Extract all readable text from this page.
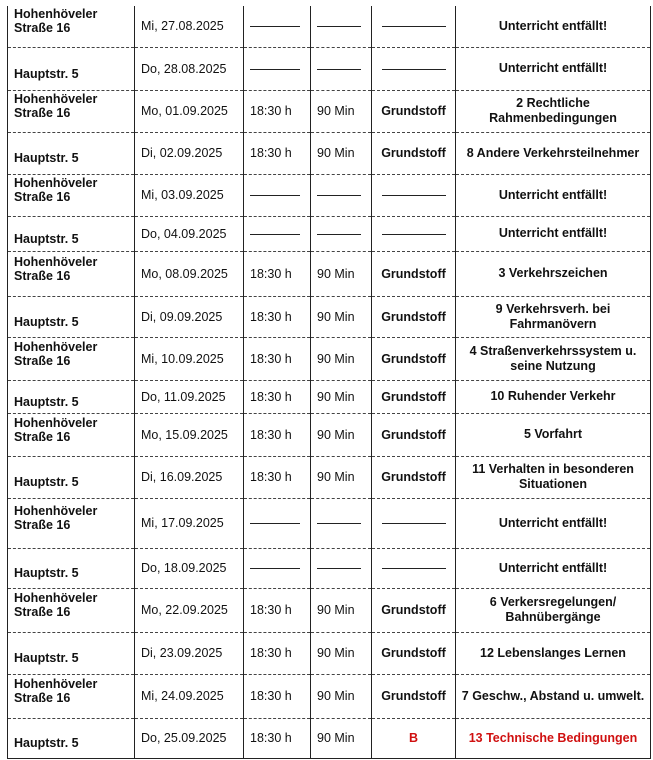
Hohenhöveler Straße 16	Mi, 27.08.2025				Unterricht entfällt!

Hauptstr. 5	Do, 28.08.2025				Unterricht entfällt!

Hohenhöveler Straße 16	Mo, 01.09.2025	18:30 h	90 Min	Grundstoff	2 Rechtliche Rahmenbedingungen

Hauptstr. 5	Di, 02.09.2025	18:30 h	90 Min	Grundstoff	8 Andere Verkehrsteilnehmer

Hohenhöveler Straße 16	Mi, 03.09.2025				Unterricht entfällt!

Hauptstr. 5	Do, 04.09.2025				Unterricht entfällt!

Hohenhöveler Straße 16	Mo, 08.09.2025	18:30 h	90 Min	Grundstoff	3 Verkehrszeichen

Hauptstr. 5	Di, 09.09.2025	18:30 h	90 Min	Grundstoff	9 Verkehrsverh. bei Fahrmanövern

Hohenhöveler Straße 16	Mi, 10.09.2025	18:30 h	90 Min	Grundstoff	4 Straßenverkehrssystem u. seine Nutzung

Hauptstr. 5	Do, 11.09.2025	18:30 h	90 Min	Grundstoff	10 Ruhender Verkehr

Hohenhöveler Straße 16	Mo, 15.09.2025	18:30 h	90 Min	Grundstoff	5 Vorfahrt

Hauptstr. 5	Di, 16.09.2025	18:30 h	90 Min	Grundstoff	11 Verhalten in besonderen Situationen

Hohenhöveler Straße 16	Mi, 17.09.2025				Unterricht entfällt!

Hauptstr. 5	Do, 18.09.2025				Unterricht entfällt!

Hohenhöveler Straße 16	Mo, 22.09.2025	18:30 h	90 Min	Grundstoff	6 Verkersregelungen/ Bahnübergänge

Hauptstr. 5	Di, 23.09.2025	18:30 h	90 Min	Grundstoff	12 Lebenslanges Lernen

Hohenhöveler Straße 16	Mi, 24.09.2025	18:30 h	90 Min	Grundstoff	7 Geschw., Abstand u. umwelt.

Hauptstr. 5	Do, 25.09.2025	18:30 h	90 Min	B	13 Technische Bedingungen
